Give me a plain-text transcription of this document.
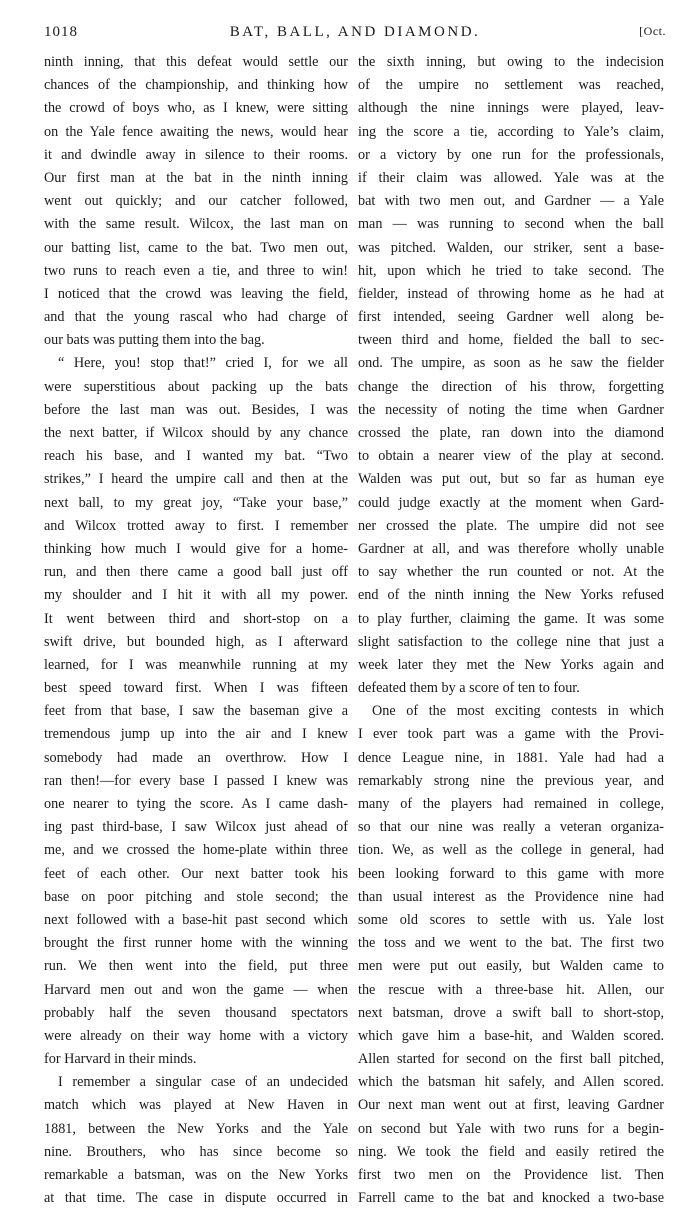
1018	BAT, BALL, AND DIAMOND.	[Oct.
ninth inning, that this defeat would settle our
chances of the championship, and thinking how
the crowd of boys who, as I knew, were sitting
on the Yale fence awaiting the news, would hear
it and dwindle away in silence to their rooms.
Our first man at the bat in the ninth inning
went out quickly; and our catcher followed,
with the same result. Wilcox, the last man on
our batting list, came to the bat. Two men out,
two runs to reach even a tie, and three to win!
I noticed that the crowd was leaving the field,
and that the young rascal who had charge of
our bats was putting them into the bag.
“ Here, you! stop that!” cried I, for we all
were superstitious about packing up the bats
before the last man was out. Besides, I was
the next batter, if Wilcox should by any chance
reach his base, and I wanted my bat. “Two
strikes,” I heard the umpire call and then at the
next ball, to my great joy, “Take your base,”
and Wilcox trotted away to first. I remember
thinking how much I would give for a home-
run, and then there came a good ball just off
my shoulder and I hit it with all my power.
It went between third and short-stop on a
swift drive, but bounded high, as I afterward
learned, for I was meanwhile running at my
best speed toward first. When I was fifteen
feet from that base, I saw the baseman give a
tremendous jump up into the air and I knew
somebody had made an overthrow. How I
ran then!—for every base I passed I knew was
one nearer to tying the score. As I came dash-
ing past third-base, I saw Wilcox just ahead of
me, and we crossed the home-plate within three
feet of each other. Our next batter took his
base on poor pitching and stole second; the
next followed with a base-hit past second which
brought the first runner home with the winning
run. We then went into the field, put three
Harvard men out and won the game — when
probably half the seven thousand spectators
were already on their way home with a victory
for Harvard in their minds.
I remember a singular case of an undecided
match which was played at New Haven in
1881, between the New Yorks and the Yale
nine. Brouthers, who has since become so
remarkable a batsman, was on the New Yorks
at that time. The case in dispute occurred in
the sixth inning, but owing to the indecision
of the umpire no settlement was reached,
although the nine innings were played, leav-
ing the score a tie, according to Yale’s claim,
or a victory by one run for the professionals,
if their claim was allowed. Yale was at the
bat with two men out, and Gardner — a Yale
man — was running to second when the ball
was pitched. Walden, our striker, sent a base-
hit, upon which he tried to take second. The
fielder, instead of throwing home as he had at
first intended, seeing Gardner well along be-
tween third and home, fielded the ball to sec-
ond. The umpire, as soon as he saw the fielder
change the direction of his throw, forgetting
the necessity of noting the time when Gardner
crossed the plate, ran down into the diamond
to obtain a nearer view of the play at second.
Walden was put out, but so far as human eye
could judge exactly at the moment when Gard-
ner crossed the plate. The umpire did not see
Gardner at all, and was therefore wholly unable
to say whether the run counted or not. At the
end of the ninth inning the New Yorks refused
to play further, claiming the game. It was some
slight satisfaction to the college nine that just a
week later they met the New Yorks again and
defeated them by a score of ten to four.
One of the most exciting contests in which
I ever took part was a game with the Provi-
dence League nine, in 1881. Yale had had a
remarkably strong nine the previous year, and
many of the players had remained in college,
so that our nine was really a veteran organiza-
tion. We, as well as the college in general, had
been looking forward to this game with more
than usual interest as the Providence nine had
some old scores to settle with us. Yale lost
the toss and we went to the bat. The first two
men were put out easily, but Walden came to
the rescue with a three-base hit. Allen, our
next batsman, drove a swift ball to short-stop,
which gave him a base-hit, and Walden scored.
Allen started for second on the first ball pitched,
which the batsman hit safely, and Allen scored.
Our next man went out at first, leaving Gardner
on second but Yale with two runs for a begin-
ning. We took the field and easily retired the
first two men on the Providence list. Then
Farrell came to the bat and knocked a two-base
